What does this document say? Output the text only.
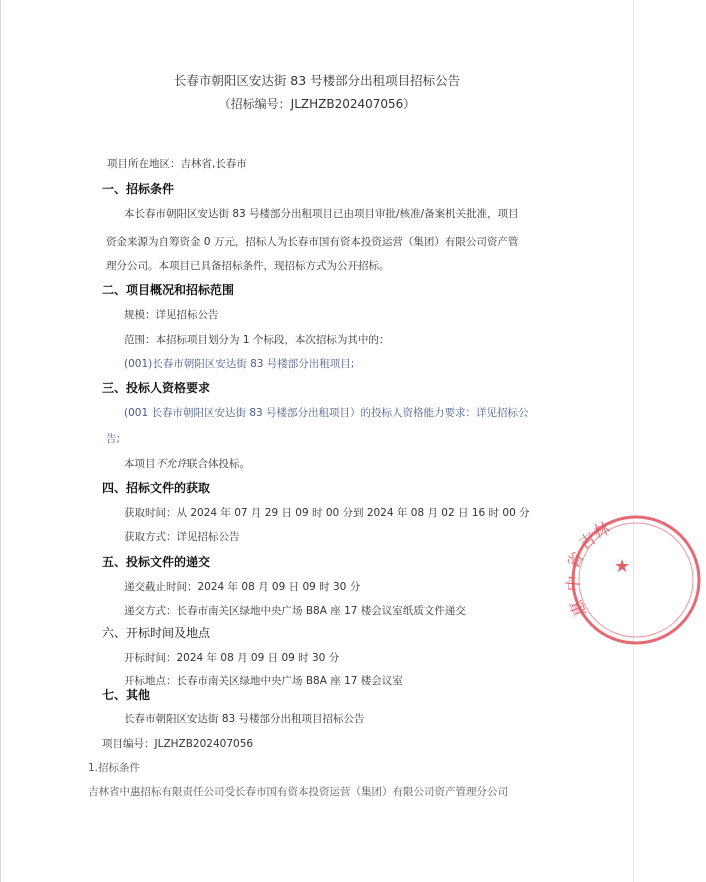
长春市朝阳区安达街 83 号楼部分出租项目招标公告
（招标编号：JLZHZB202407056）
项目所在地区：吉林省,长春市
一、招标条件
本长春市朝阳区安达街 83 号楼部分出租项目已由项目审批/核准/备案机关批准，项目
资金来源为自筹资金 0 万元，招标人为长春市国有资本投资运营（集团）有限公司资产管
理分公司。本项目已具备招标条件，现招标方式为公开招标。
二、项目概况和招标范围
规模：详见招标公告
范围：本招标项目划分为 1 个标段，本次招标为其中的：
(001)长春市朝阳区安达街 83 号楼部分出租项目;
三、投标人资格要求
(001 长春市朝阳区安达街 83 号楼部分出租项目）的投标人资格能力要求：详见招标公
告;
本项目不允许联合体投标。
四、招标文件的获取
获取时间：从 2024 年 07 月 29 日 09 时 00 分到 2024 年 08 月 02 日 16 时 00 分
获取方式：详见招标公告
五、投标文件的递交
递交截止时间：2024 年 08 月 09 日 09 时 30 分
递交方式：长春市南关区绿地中央广场 B8A 座 17 楼会议室纸质文件递交
六、开标时间及地点
开标时间：2024 年 08 月 09 日 09 时 30 分
开标地点：长春市南关区绿地中央广场 B8A 座 17 楼会议室
七、其他
长春市朝阳区安达街 83 号楼部分出租项目招标公告
项目编号：JLZHZB202407056
1.招标条件
吉林省中惠招标有限责任公司受长春市国有资本投资运营（集团）有限公司资产管理分公司
吉
林
省
中
惠
★
